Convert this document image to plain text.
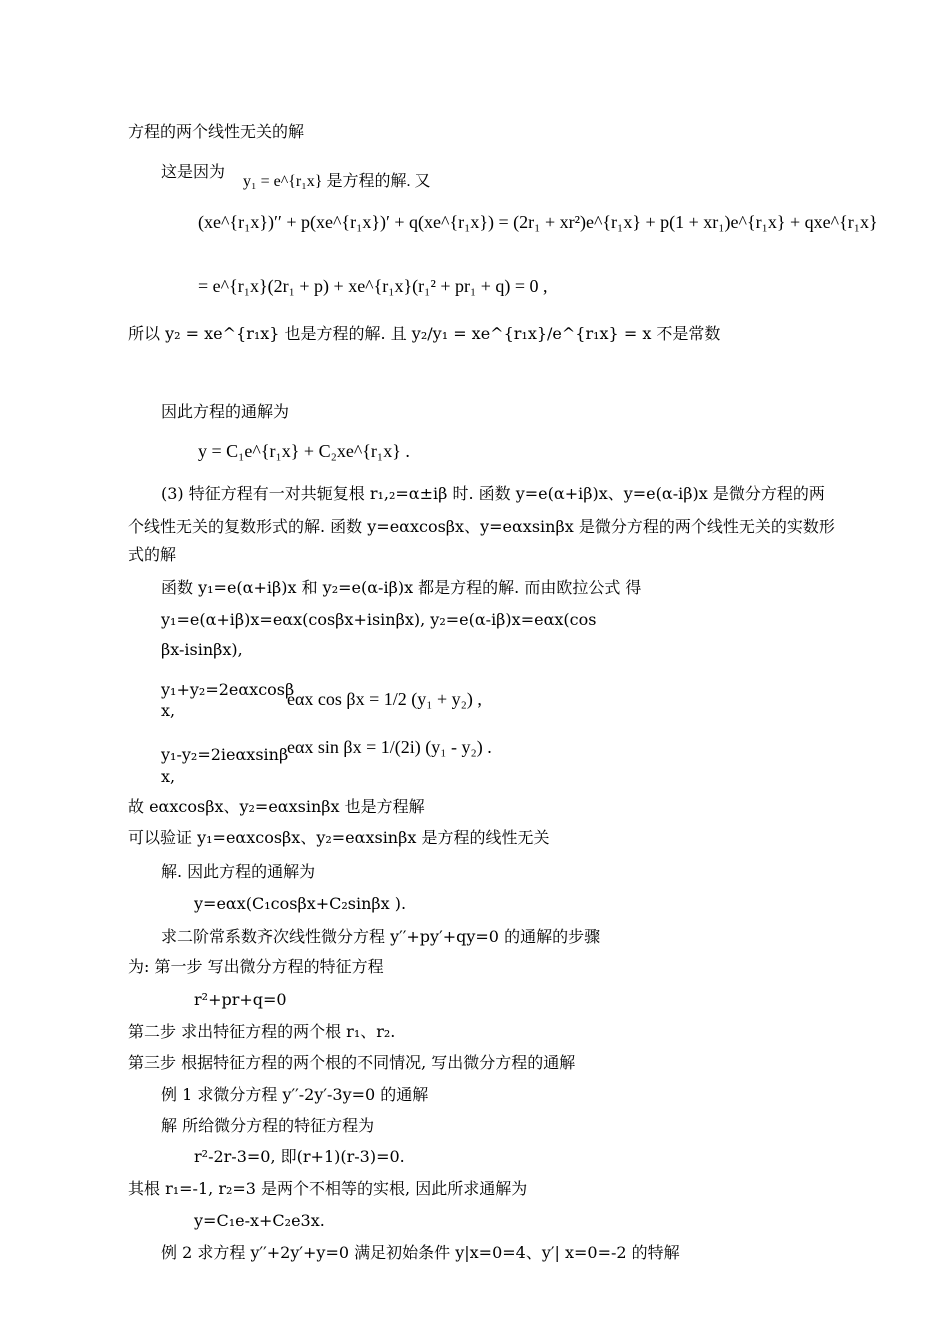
方程的两个线性无关的解
这是因为
y₁ = e^{r₁x} 是方程的解. 又
(xe^{r₁x})′′ + p(xe^{r₁x})′ + q(xe^{r₁x}) = (2r₁ + xr²)e^{r₁x} + p(1 + xr₁)e^{r₁x} + qxe^{r₁x}
= e^{r₁x}(2r₁ + p) + xe^{r₁x}(r₁² + pr₁ + q) = 0 ,
所以 y₂ = xe^{r₁x} 也是方程的解. 且 y₂/y₁ = xe^{r₁x}/e^{r₁x} = x 不是常数
因此方程的通解为
y = C₁e^{r₁x} + C₂xe^{r₁x} .
(3) 特征方程有一对共轭复根 r₁,₂=α±iβ 时. 函数 y=e(α+iβ)x、y=e(α-iβ)x 是微分方程的两
个线性无关的复数形式的解. 函数 y=eαxcosβx、y=eαxsinβx 是微分方程的两个线性无关的实数形
式的解
函数 y₁=e(α+iβ)x 和 y₂=e(α-iβ)x 都是方程的解. 而由欧拉公式 得
y₁=e(α+iβ)x=eαx(cosβx+isinβx), y₂=e(α-iβ)x=eαx(cos
βx-isinβx),
y₁+y₂=2eαxcosβ
x,
eαx cos βx = 1/2 (y₁ + y₂) ,
y₁-y₂=2ieαxsinβ
x,
eαx sin βx = 1/(2i) (y₁ - y₂) .
故 eαxcosβx、y₂=eαxsinβx 也是方程解
可以验证 y₁=eαxcosβx、y₂=eαxsinβx 是方程的线性无关
解. 因此方程的通解为
y=eαx(C₁cosβx+C₂sinβx ).
求二阶常系数齐次线性微分方程 y′′+py′+qy=0 的通解的步骤
为: 第一步 写出微分方程的特征方程
r²+pr+q=0
第二步 求出特征方程的两个根 r₁、r₂.
第三步 根据特征方程的两个根的不同情况, 写出微分方程的通解
例 1 求微分方程 y′′-2y′-3y=0 的通解
解 所给微分方程的特征方程为
r²-2r-3=0, 即(r+1)(r-3)=0.
其根 r₁=-1, r₂=3 是两个不相等的实根, 因此所求通解为
y=C₁e-x+C₂e3x.
例 2 求方程 y′′+2y′+y=0 满足初始条件 y|x=0=4、y′| x=0=-2 的特解
